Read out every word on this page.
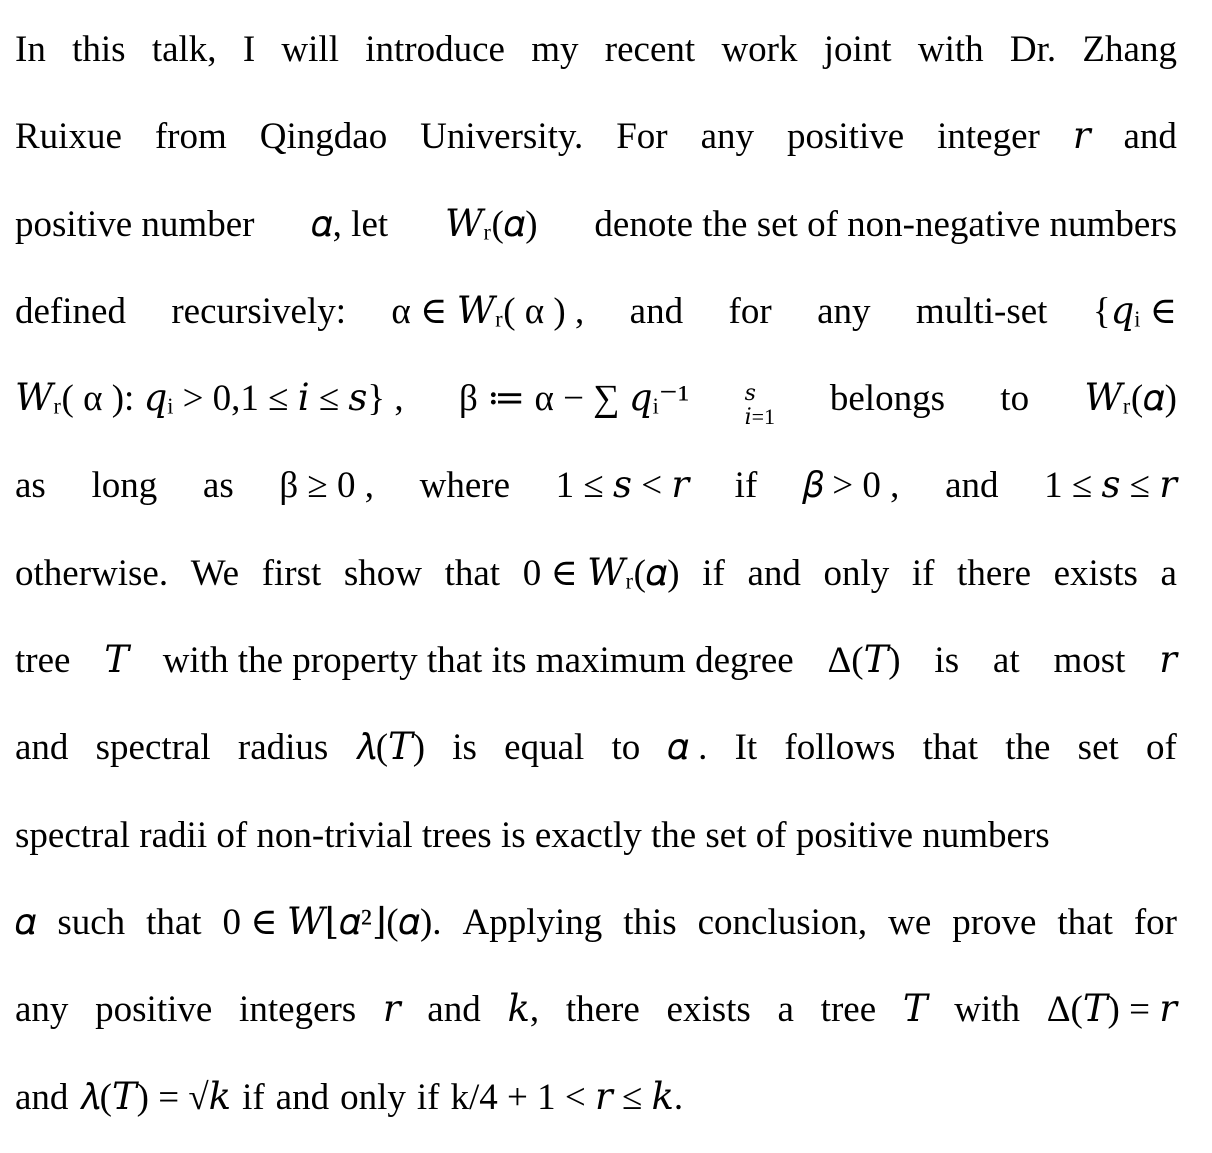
In this talk, I will introduce my recent work joint with Dr. Zhang
Ruixue from Qingdao University. For any positive integer 𝑟 and
positive number 𝛼, let 𝑊ᵣ(𝛼) denote the set of non-negative numbers
defined recursively: α ∈ 𝑊ᵣ( α ) , and for any multi-set {𝑞ᵢ ∈
𝑊ᵣ( α ): 𝑞ᵢ > 0,1 ≤ 𝑖 ≤ 𝑠} , β ≔ α − ∑ 𝑞ᵢ⁻¹	𝑠
𝑖=1 belongs to 𝑊ᵣ(𝛼)
as long as β ≥ 0 , where 1 ≤ 𝑠 < 𝑟 if 𝛽 > 0 , and 1 ≤ 𝑠 ≤ 𝑟
otherwise. We first show that 0 ∈ 𝑊ᵣ(𝛼) if and only if there exists a
tree 𝑇 with the property that its maximum degree Δ(𝑇) is at most 𝑟
and spectral radius 𝜆(𝑇) is equal to 𝛼 . It follows that the set of
spectral radii of non-trivial trees is exactly the set of positive numbers
𝛼 such that 0 ∈ 𝑊⌊𝛼²⌋(𝛼). Applying this conclusion, we prove that for
any positive integers 𝑟 and 𝑘, there exists a tree 𝑇 with Δ(𝑇) = 𝑟
and 𝜆(𝑇) = √𝑘 if and only if k/4 + 1 < 𝑟 ≤ 𝑘.
